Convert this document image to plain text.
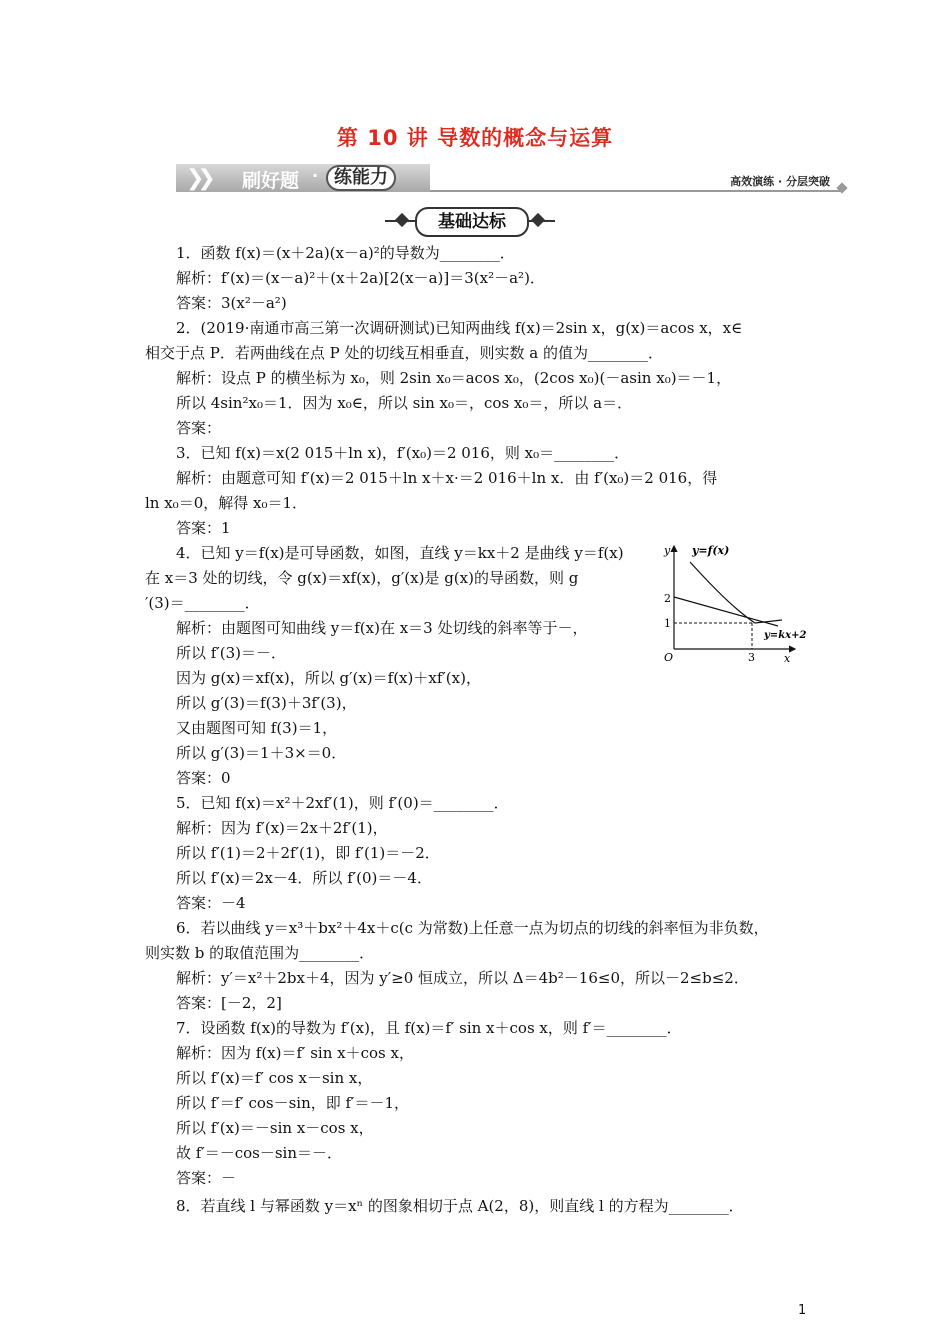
第 10 讲 导数的概念与运算
❯❯ 刷好题 · 练能力	高效演练 · 分层突破
基础达标
1．函数 f(x)＝(x＋2a)(x－a)²的导数为________．
解析：f′(x)＝(x－a)²＋(x＋2a)[2(x－a)]＝3(x²－a²)．
答案：3(x²－a²)
2．(2019·南通市高三第一次调研测试)已知两曲线 f(x)＝2sin x，g(x)＝acos x，x∈
相交于点 P．若两曲线在点 P 处的切线互相垂直，则实数 a 的值为________．
解析：设点 P 的横坐标为 x₀，则 2sin x₀＝acos x₀，(2cos x₀)(－asin x₀)＝－1，
所以 4sin²x₀＝1．因为 x₀∈，所以 sin x₀＝，cos x₀＝，所以 a＝．
答案：
3．已知 f(x)＝x(2 015＋ln x)，f′(x₀)＝2 016，则 x₀＝________．
解析：由题意可知 f′(x)＝2 015＋ln x＋x·＝2 016＋ln x．由 f′(x₀)＝2 016，得
ln x₀＝0，解得 x₀＝1．
答案：1
4．已知 y＝f(x)是可导函数，如图，直线 y＝kx＋2 是曲线 y＝f(x)
在 x＝3 处的切线，令 g(x)＝xf(x)，g′(x)是 g(x)的导函数，则 g
′(3)＝________．
解析：由题图可知曲线 y＝f(x)在 x＝3 处切线的斜率等于－，
所以 f′(3)＝－．
因为 g(x)＝xf(x)，所以 g′(x)＝f(x)＋xf′(x)，
所以 g′(3)＝f(3)＋3f′(3)，
又由题图可知 f(3)＝1，
所以 g′(3)＝1＋3×＝0．
答案：0
5．已知 f(x)＝x²＋2xf′(1)，则 f′(0)＝________．
解析：因为 f′(x)＝2x＋2f′(1)，
所以 f′(1)＝2＋2f′(1)，即 f′(1)＝－2．
所以 f′(x)＝2x－4．所以 f′(0)＝－4．
答案：－4
6．若以曲线 y＝x³＋bx²＋4x＋c(c 为常数)上任意一点为切点的切线的斜率恒为非负数，
则实数 b 的取值范围为________．
解析：y′＝x²＋2bx＋4，因为 y′≥0 恒成立，所以 Δ＝4b²－16≤0，所以－2≤b≤2．
答案：[－2，2]
7．设函数 f(x)的导数为 f′(x)，且 f(x)＝f′ sin x＋cos x，则 f′＝________．
解析：因为 f(x)＝f′ sin x＋cos x，
所以 f′(x)＝f′ cos x－sin x，
所以 f′＝f′ cos－sin，即 f′＝－1，
所以 f′(x)＝－sin x－cos x，
故 f′＝－cos－sin＝－．
答案：－
8．若直线 l 与幂函数 y＝xⁿ 的图象相切于点 A(2，8)，则直线 l 的方程为________．
y y=f(x)
2
1
O	3	x
y=kx+2
1
